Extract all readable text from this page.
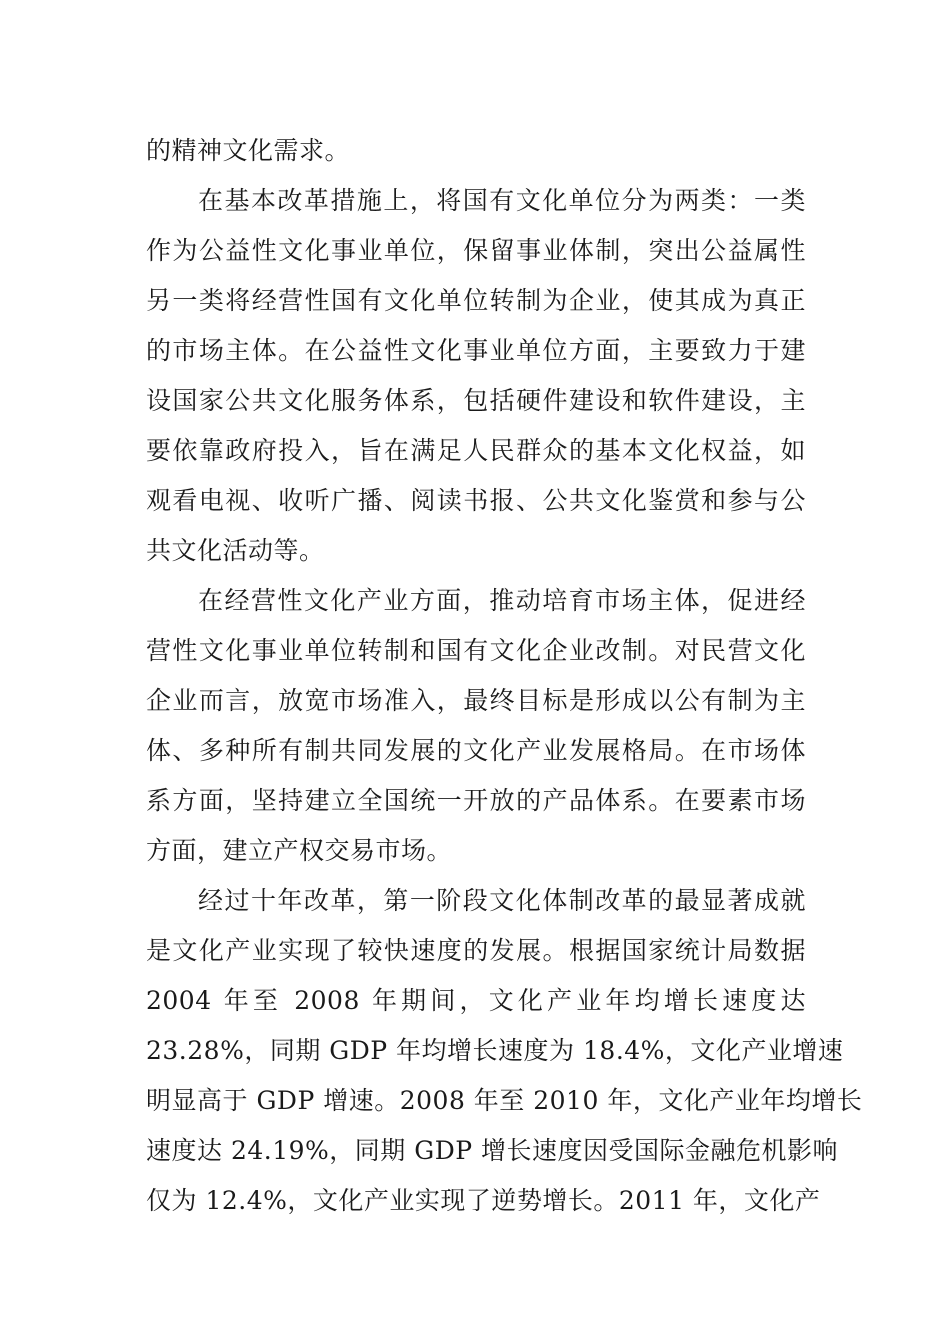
的精神文化需求。
在基本改革措施上，将国有文化单位分为两类：一类
作为公益性文化事业单位，保留事业体制，突出公益属性
另一类将经营性国有文化单位转制为企业，使其成为真正
的市场主体。在公益性文化事业单位方面，主要致力于建
设国家公共文化服务体系，包括硬件建设和软件建设，主
要依靠政府投入，旨在满足人民群众的基本文化权益，如
观看电视、收听广播、阅读书报、公共文化鉴赏和参与公
共文化活动等。
在经营性文化产业方面，推动培育市场主体，促进经
营性文化事业单位转制和国有文化企业改制。对民营文化
企业而言，放宽市场准入，最终目标是形成以公有制为主
体、多种所有制共同发展的文化产业发展格局。在市场体
系方面，坚持建立全国统一开放的产品体系。在要素市场
方面，建立产权交易市场。
经过十年改革，第一阶段文化体制改革的最显著成就
是文化产业实现了较快速度的发展。根据国家统计局数据
2004 年至 2008 年期间，文化产业年均增长速度达
23.28%，同期 GDP 年均增长速度为 18.4%，文化产业增速
明显高于 GDP 增速。2008 年至 2010 年，文化产业年均增长
速度达 24.19%，同期 GDP 增长速度因受国际金融危机影响
仅为 12.4%，文化产业实现了逆势增长。2011 年，文化产
